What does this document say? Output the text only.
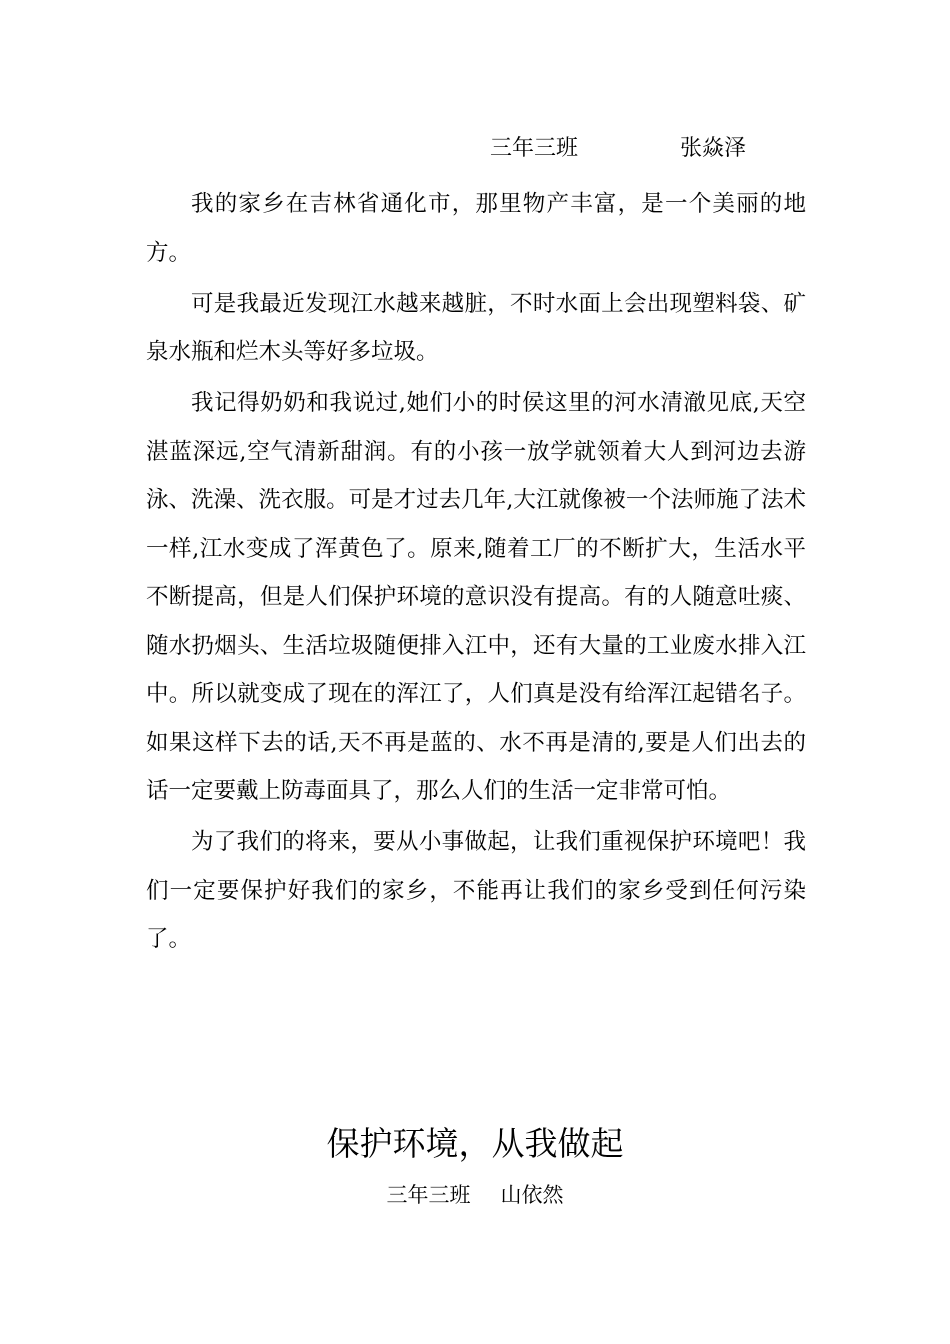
三年三班	张焱泽

我的家乡在吉林省通化市，那里物产丰富，是一个美丽的地方。

可是我最近发现江水越来越脏，不时水面上会出现塑料袋、矿泉水瓶和烂木头等好多垃圾。

我记得奶奶和我说过,她们小的时侯这里的河水清澈见底,天空湛蓝深远,空气清新甜润。有的小孩一放学就领着大人到河边去游泳、洗澡、洗衣服。可是才过去几年,大江就像被一个法师施了法术一样,江水变成了浑黄色了。原来,随着工厂的不断扩大，生活水平不断提高，但是人们保护环境的意识没有提高。有的人随意吐痰、随水扔烟头、生活垃圾随便排入江中，还有大量的工业废水排入江中。所以就变成了现在的浑江了，人们真是没有给浑江起错名子。如果这样下去的话,天不再是蓝的、水不再是清的,要是人们出去的话一定要戴上防毒面具了，那么人们的生活一定非常可怕。

为了我们的将来，要从小事做起，让我们重视保护环境吧！我们一定要保护好我们的家乡，不能再让我们的家乡受到任何污染了。

保护环境，从我做起
三年三班 山依然
